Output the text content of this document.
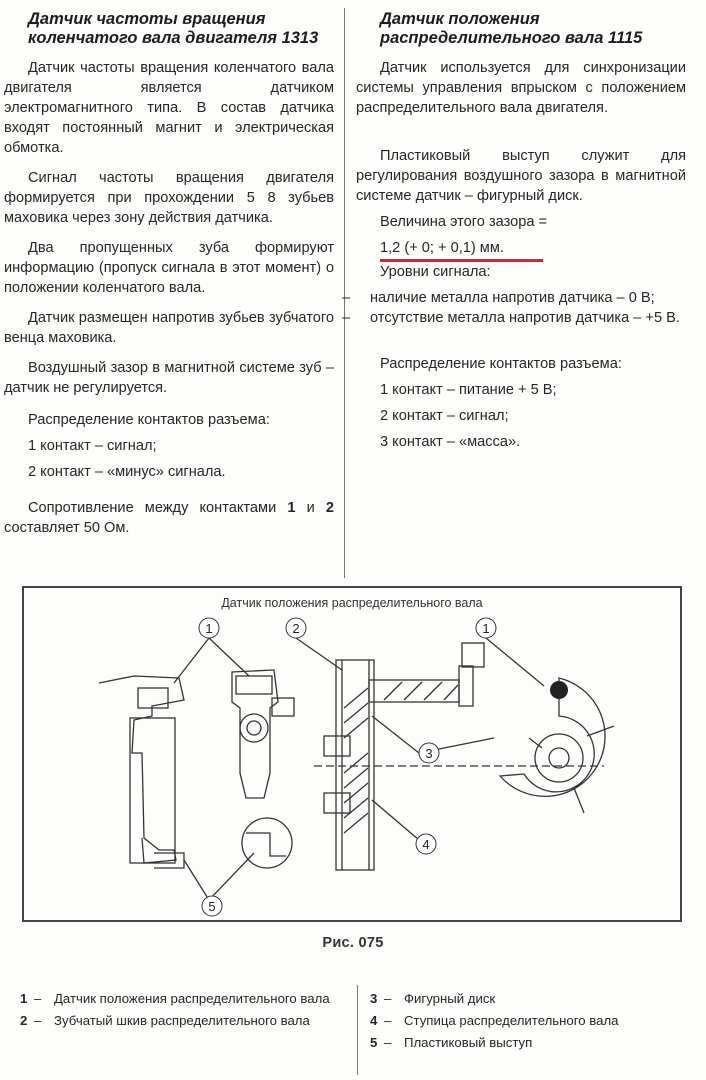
Датчик частоты вращения коленчатого вала двигателя 1313

Датчик частоты вращения коленчатого вала двигателя является датчиком электромагнитного типа. В состав датчика входят постоянный магнит и электрическая обмотка.

Сигнал частоты вращения двигателя формируется при прохождении 5 8 зубьев маховика через зону действия датчика.

Два пропущенных зуба формируют информацию (пропуск сигнала в этот момент) о положении коленчатого вала.

Датчик размещен напротив зубьев зубчатого венца маховика.

Воздушный зазор в магнитной системе зуб – датчик не регулируется.

Распределение контактов разъема:

1 контакт – сигнал;

2 контакт – «минус» сигнала.

Сопротивление между контактами 1 и 2 составляет 50 Ом.

Датчик положения распределительного вала 1115

Датчик используется для синхронизации системы управления впрыском с положением распределительного вала двигателя.

Пластиковый выступ служит для регулирования воздушного зазора в магнитной системе датчик – фигурный диск.

Величина этого зазора =

1,2 (+ 0; + 0,1) мм.

Уровни сигнала:

–	наличие металла напротив датчика – 0 В;
–	отсутствие металла напротив датчика – +5 В.

Распределение контактов разъема:

1 контакт – питание + 5 В;

2 контакт – сигнал;

3 контакт – «масса».

Датчик положения распределительного вала
1	2	1
3
4
5
Рис. 075
1 – Датчик положения распределительного вала
2 – Зубчатый шкив распределительного вала
3 – Фигурный диск
4 – Ступица распределительного вала
5 – Пластиковый выступ
